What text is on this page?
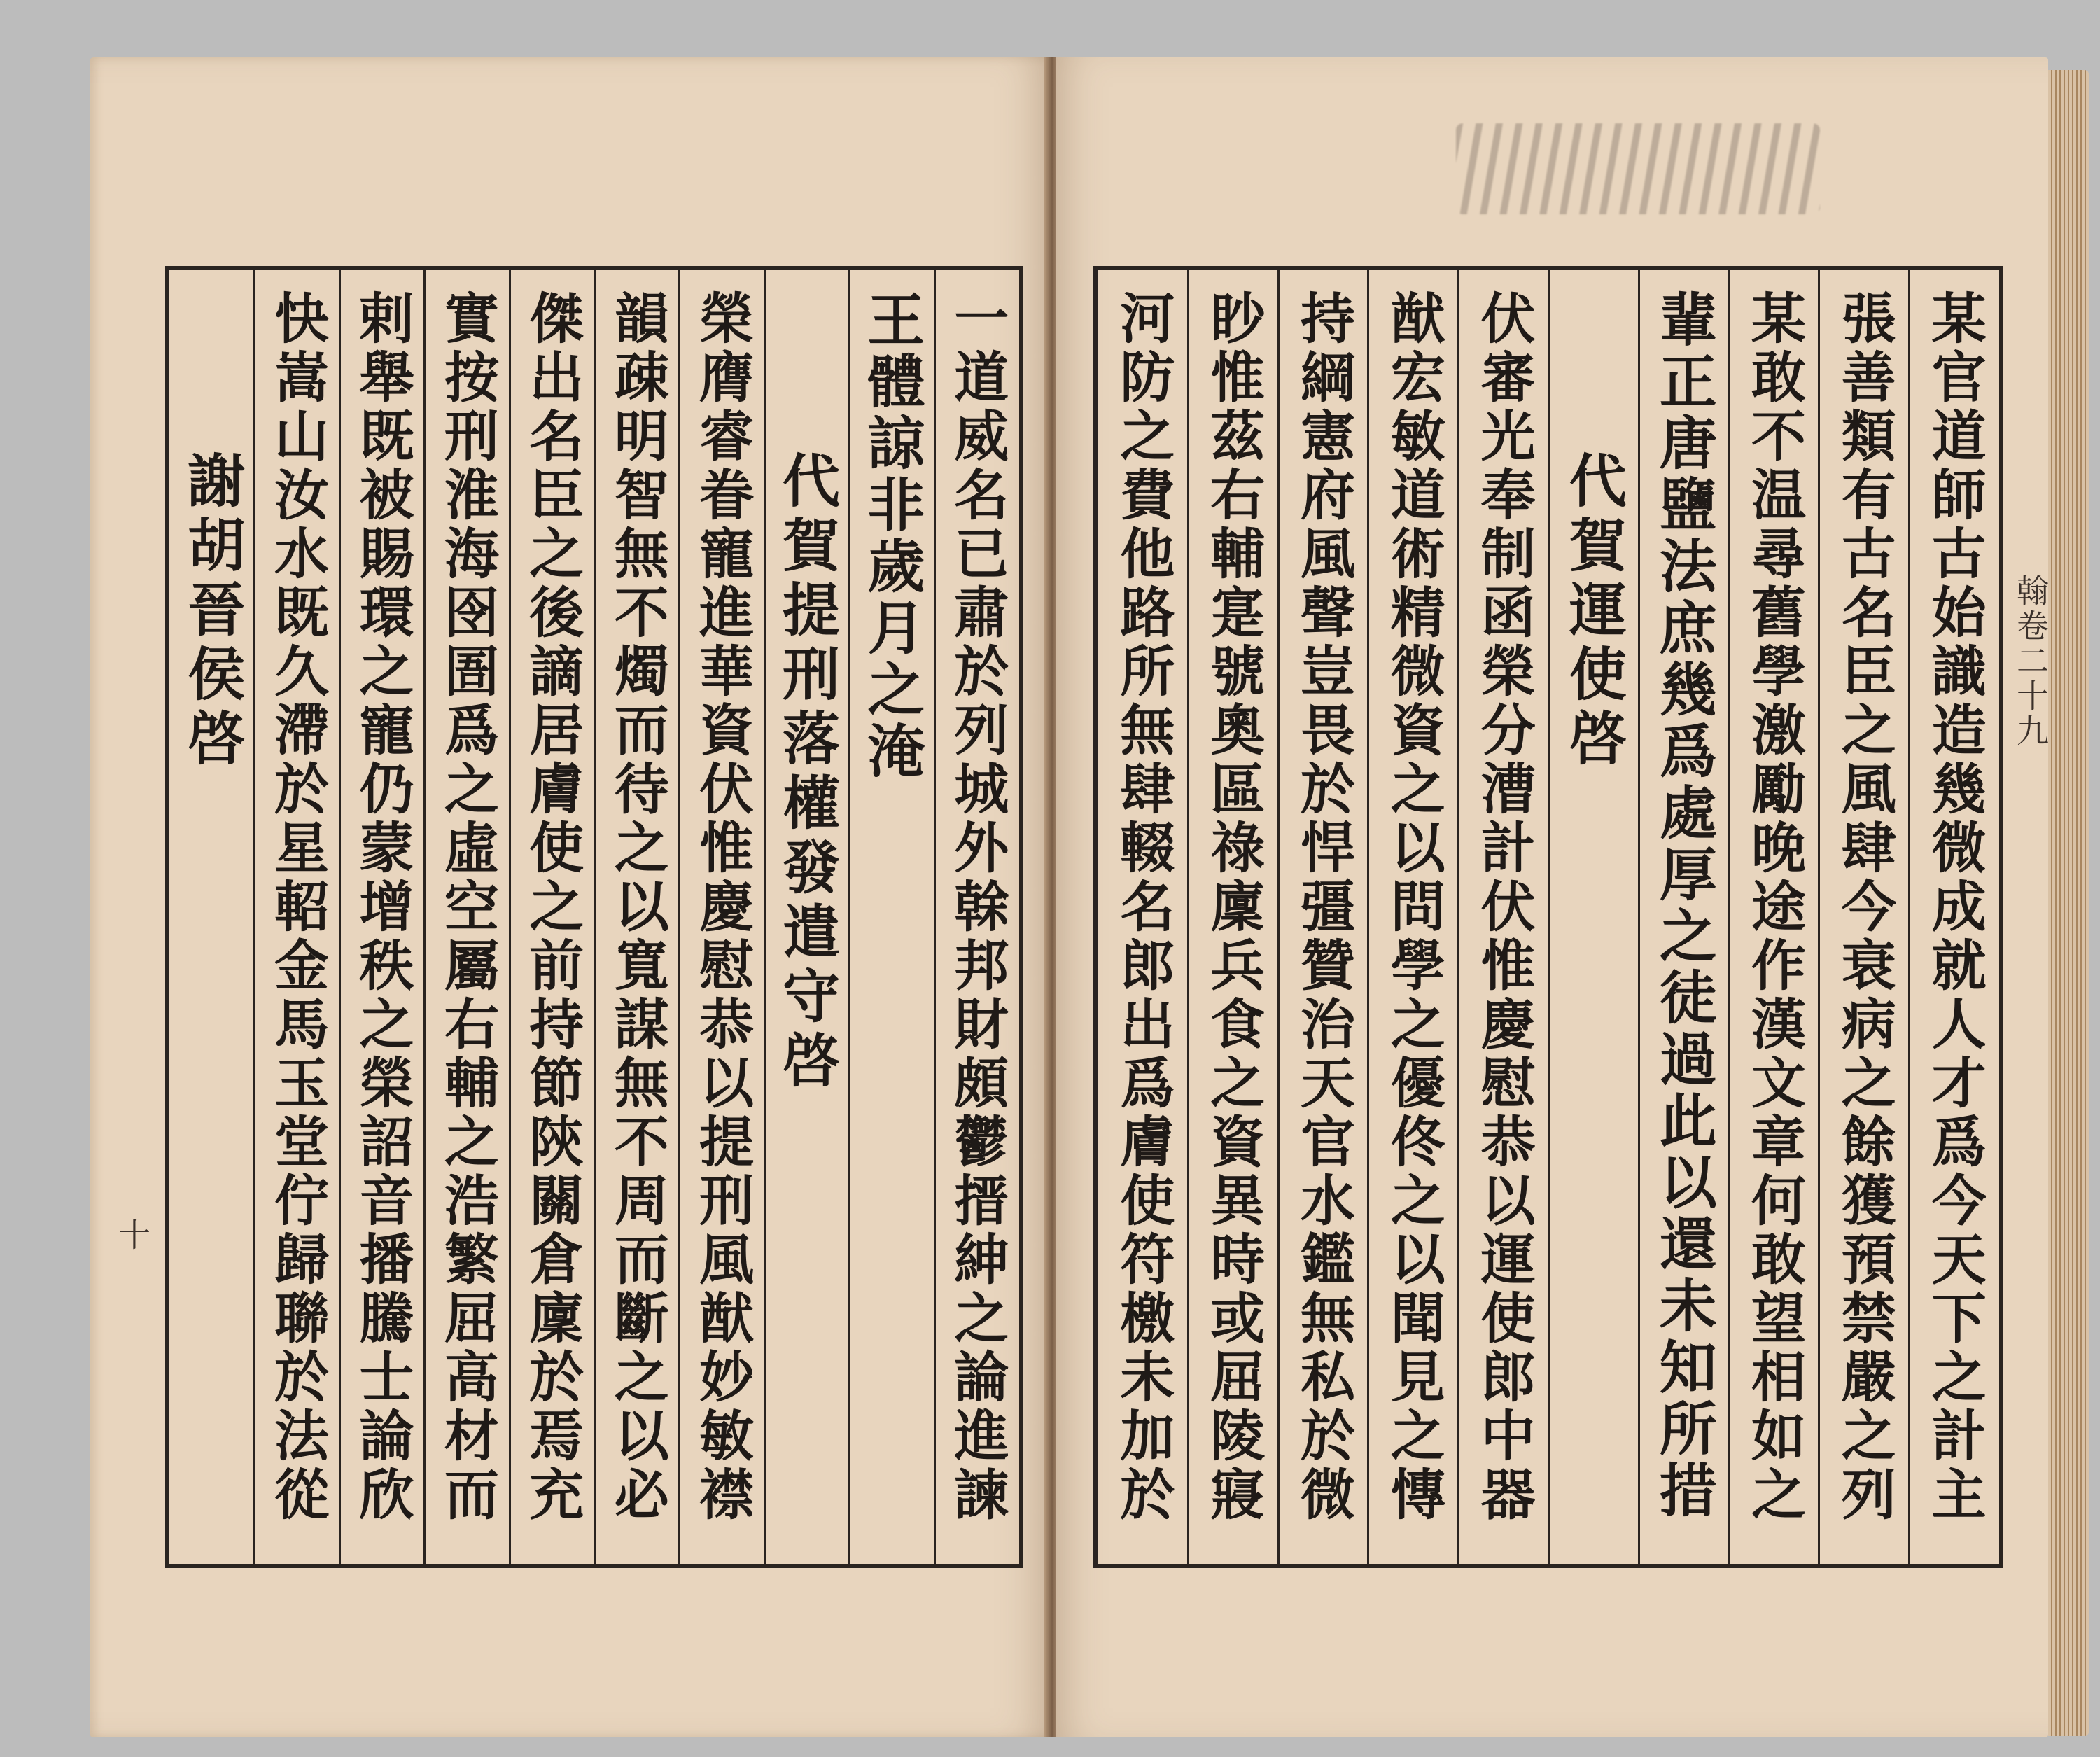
十
翰卷二十九
一道威名已肅於列城外𠏉邦財頗鬱搢紳之論進諫
王體諒非歲月之淹
代賀提刑落權發遣守啓
榮膺睿眷寵進華資伏惟慶慰恭以提刑風猷妙敏襟
韻疎明智無不燭而待之以寬謀無不周而斷之以必
傑出名臣之後謫居膚使之前持節陝關倉廩於焉充
實按刑淮海囹圄爲之虛空屬右輔之浩繁屈高材而
剌舉既被賜環之寵仍蒙增秩之榮詔音播騰士論欣
快嵩山汝水既久滯於星軺金馬玉堂佇歸聯於法從
謝胡晉侯啓	某官道師古始識造幾微成就人才爲今天下之計主
張善類有古名臣之風肆今衰病之餘獲預禁嚴之列
某敢不温尋舊學激勵晚途作漢文章何敢望相如之
輩正唐鹽法庶幾爲處厚之徒過此以還未知所措
代賀運使啓
伏審光奉制函榮分漕計伏惟慶慰恭以運使郎中器
猷宏敏道術精微資之以問學之優佟之以聞見之慱
持綱憲府風聲豈畏於悍彊贊治天官水鑑無私於微
眇惟茲右輔寔號奧區祿廩兵食之資異時或屈陵寢
河防之費他路所無肆輟名郎出爲膚使符檄未加於
